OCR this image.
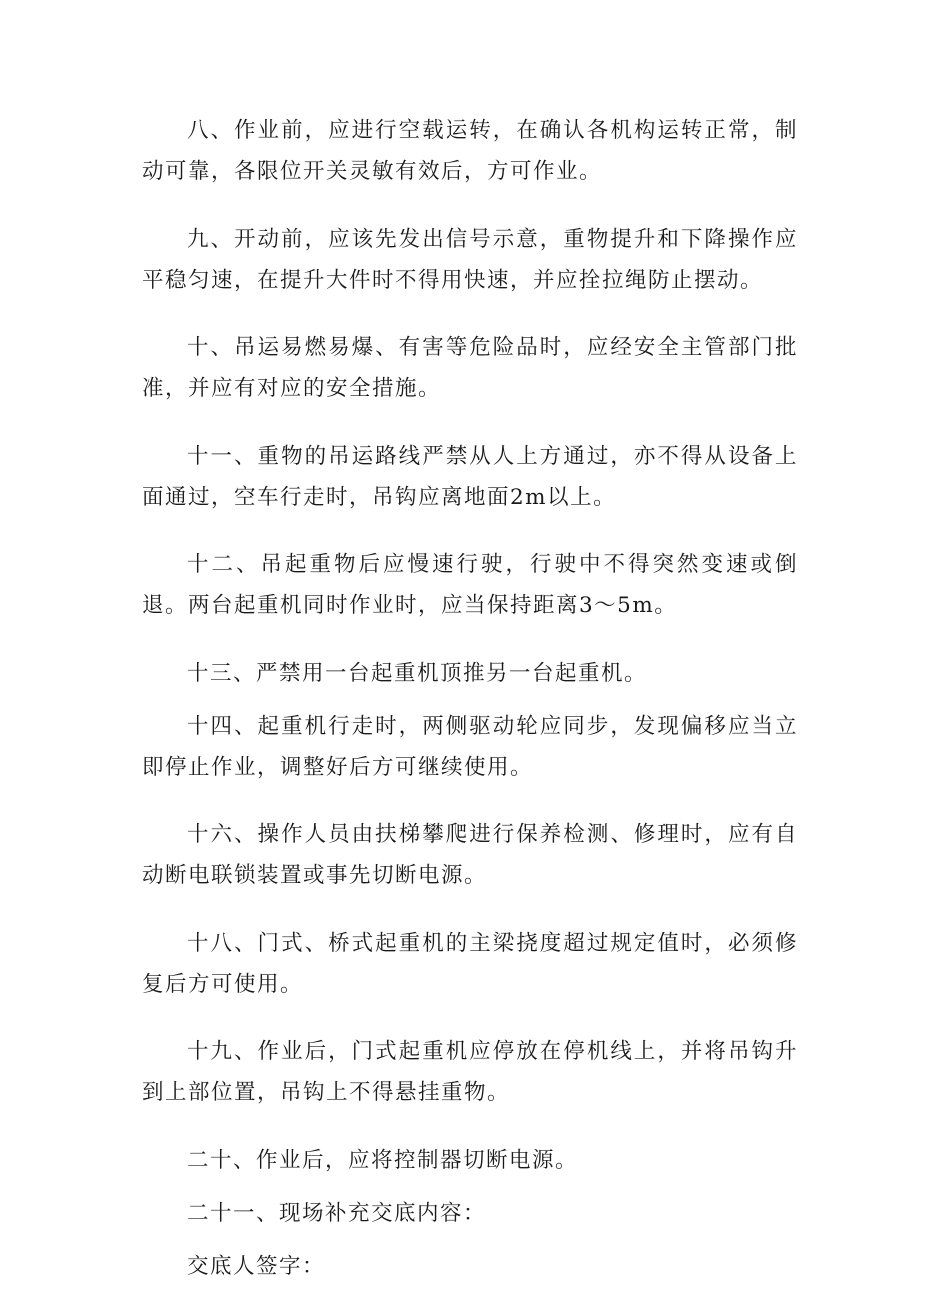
八、作业前，应进行空载运转，在确认各机构运转正常，制动可靠，各限位开关灵敏有效后，方可作业。

九、开动前，应该先发出信号示意，重物提升和下降操作应平稳匀速，在提升大件时不得用快速，并应拴拉绳防止摆动。

十、吊运易燃易爆、有害等危险品时，应经安全主管部门批准，并应有对应的安全措施。

十一、重物的吊运路线严禁从人上方通过，亦不得从设备上面通过，空车行走时，吊钩应离地面2m以上。

十二、吊起重物后应慢速行驶，行驶中不得突然变速或倒退。两台起重机同时作业时，应当保持距离3～5m。

十三、严禁用一台起重机顶推另一台起重机。

十四、起重机行走时，两侧驱动轮应同步，发现偏移应当立即停止作业，调整好后方可继续使用。

十六、操作人员由扶梯攀爬进行保养检测、修理时，应有自动断电联锁装置或事先切断电源。

十八、门式、桥式起重机的主梁挠度超过规定值时，必须修复后方可使用。

十九、作业后，门式起重机应停放在停机线上，并将吊钩升到上部位置，吊钩上不得悬挂重物。

二十、作业后，应将控制器切断电源。

二十一、现场补充交底内容：

交底人签字：
